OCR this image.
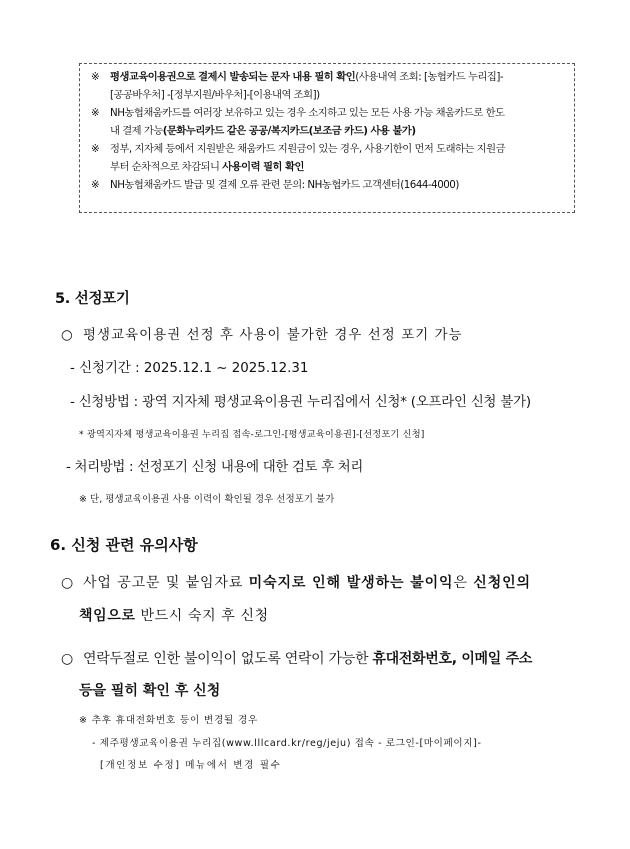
※ 평생교육이용권으로 결제시 발송되는 문자 내용 필히 확인(사용내역 조회: [농협카드 누리집]-
[공공바우처] -[정부지원/바우처]-[이용내역 조회])
※ NH농협채움카드를 여러장 보유하고 있는 경우 소지하고 있는 모든 사용 가능 채움카드로 한도
내 결제 가능(문화누리카드 같은 공공/복지카드(보조금 카드) 사용 불가)
※ 정부, 지자체 등에서 지원받은 채움카드 지원금이 있는 경우, 사용기한이 먼저 도래하는 지원금
부터 순차적으로 차감되니 사용이력 필히 확인
※ NH농협채움카드 발급 및 결제 오류 관련 문의: NH농협카드 고객센터(1644-4000)
5. 선정포기
○ 평생교육이용권 선정 후 사용이 불가한 경우 선정 포기 가능
- 신청기간 : 2025.12.1 ~ 2025.12.31
- 신청방법 : 광역 지자체 평생교육이용권 누리집에서 신청* (오프라인 신청 불가)
* 광역지자체 평생교육이용권 누리집 접속-로그인-[평생교육이용권]-[선정포기 신청]
- 처리방법 : 선정포기 신청 내용에 대한 검토 후 처리
※ 단, 평생교육이용권 사용 이력이 확인될 경우 선정포기 불가
6. 신청 관련 유의사항
○ 사업 공고문 및 붙임자료 미숙지로 인해 발생하는 불이익은 신청인의
책임으로 반드시 숙지 후 신청
○ 연락두절로 인한 불이익이 없도록 연락이 가능한 휴대전화번호, 이메일 주소
등을 필히 확인 후 신청
※ 추후 휴대전화번호 등이 변경될 경우
- 제주평생교육이용권 누리집(www.lllcard.kr/reg/jeju) 접속 - 로그인-[마이페이지]-
[개인정보 수정] 메뉴에서 변경 필수
